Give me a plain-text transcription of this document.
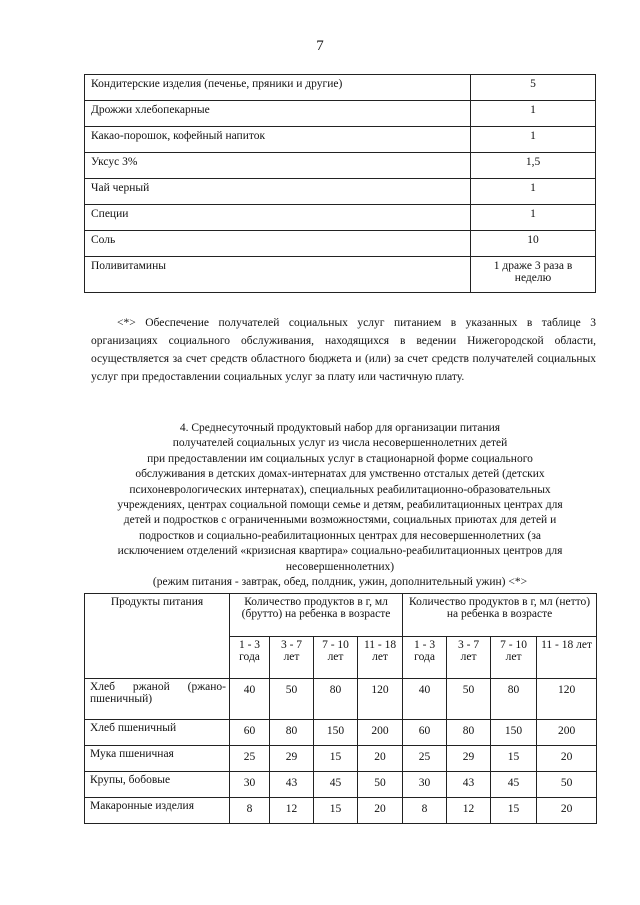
7
Кондитерские изделия (печенье, пряники и другие)	5
Дрожжи хлебопекарные	1
Какао-порошок, кофейный напиток	1
Уксус 3%	1,5
Чай черный	1
Специи	1
Соль	10
Поливитамины	1 драже 3 раза в неделю

<*> Обеспечение получателей социальных услуг питанием в указанных в таблице 3 организациях социального обслуживания, находящихся в ведении Нижегородской области, осуществляется за счет средств областного бюджета и (или) за счет средств получателей социальных услуг при предоставлении социальных услуг за плату или частичную плату.

4. Среднесуточный продуктовый набор для организации питания
получателей социальных услуг из числа несовершеннолетних детей
при предоставлении им социальных услуг в стационарной форме социального
обслуживания в детских домах-интернатах для умственно отсталых детей (детских
психоневрологических интернатах), специальных реабилитационно-образовательных
учреждениях, центрах социальной помощи семье и детям, реабилитационных центрах для
детей и подростков с ограниченными возможностями, социальных приютах для детей и
подростков и социально-реабилитационных центрах для несовершеннолетних (за
исключением отделений «кризисная квартира» социально-реабилитационных центров для
несовершеннолетних)
(режим питания - завтрак, обед, полдник, ужин, дополнительный ужин) <*>

Продукты питания	Количество продуктов в г, мл (брутто) на ребенка в возрасте				Количество продуктов в г, мл (нетто) на ребенка в возрасте			
	1 - 3 года	3 - 7 лет	7 - 10 лет	11 - 18 лет	1 - 3 года	3 - 7 лет	7 - 10 лет	11 - 18 лет
Хлеб ржаной (ржано-пшеничный)	40	50	80	120	40	50	80	120
Хлеб пшеничный	60	80	150	200	60	80	150	200
Мука пшеничная	25	29	15	20	25	29	15	20
Крупы, бобовые	30	43	45	50	30	43	45	50
Макаронные изделия	8	12	15	20	8	12	15	20
